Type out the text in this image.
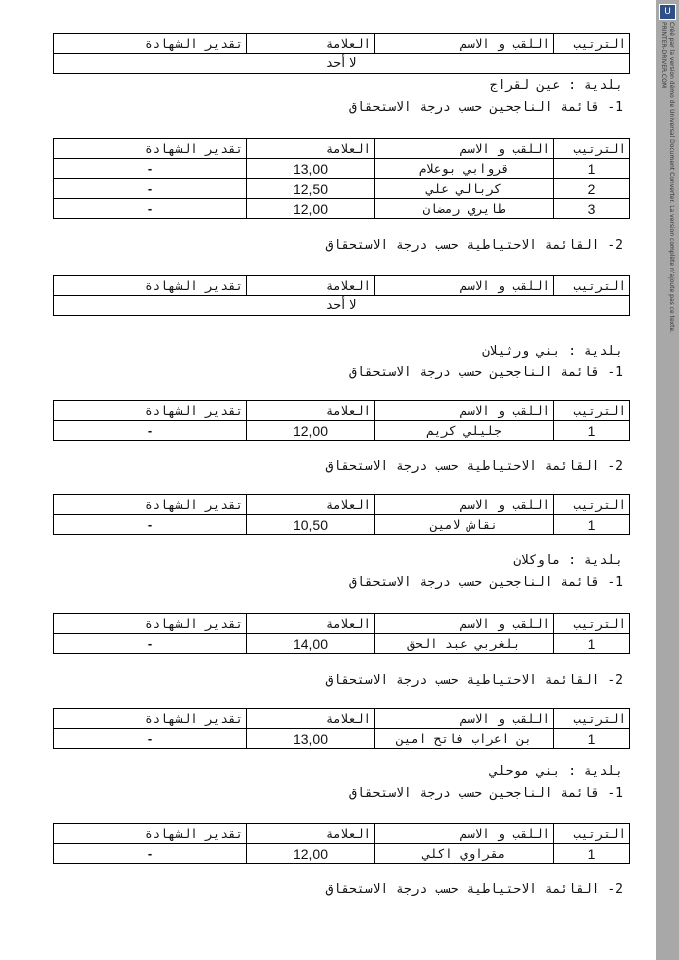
الترتيب	اللقب و الاسم	العلامة	تقدير الشهادة
لا أحد
بلدية : عين لقراج
1- قائمة الناجحين حسب درجة الاستحقاق
الترتيب	اللقب و الاسم	العلامة	تقدير الشهادة
1	قروابي بوعلام	13,00	-
2	كربالي علي	12,50	-
3	طايري رمضان	12,00	-
2- القائمة الاحتياطية حسب درجة الاستحقاق
الترتيب	اللقب و الاسم	العلامة	تقدير الشهادة
لا أحد
بلدية : بني ورثيلان
1- قائمة الناجحين حسب درجة الاستحقاق
الترتيب	اللقب و الاسم	العلامة	تقدير الشهادة
1	جليلي كريم	12,00	-
2- القائمة الاحتياطية حسب درجة الاستحقاق
الترتيب	اللقب و الاسم	العلامة	تقدير الشهادة
1	نقاش لامين	10,50	-
بلدية : ماوكلان
1- قائمة الناجحين حسب درجة الاستحقاق
الترتيب	اللقب و الاسم	العلامة	تقدير الشهادة
1	بلغربي عبد الحق	14,00	-
2- القائمة الاحتياطية حسب درجة الاستحقاق
الترتيب	اللقب و الاسم	العلامة	تقدير الشهادة
1	بن اعراب فاتح امين	13,00	-
بلدية : بني موحلي
1- قائمة الناجحين حسب درجة الاستحقاق
الترتيب	اللقب و الاسم	العلامة	تقدير الشهادة
1	مقراوي اكلي	12,00	-
2- القائمة الاحتياطية حسب درجة الاستحقاق
U
Créé par la version démo de Universal Document Converter. La version complète n'ajoute pas ce texte. PRINTER-DRIVER.COM
